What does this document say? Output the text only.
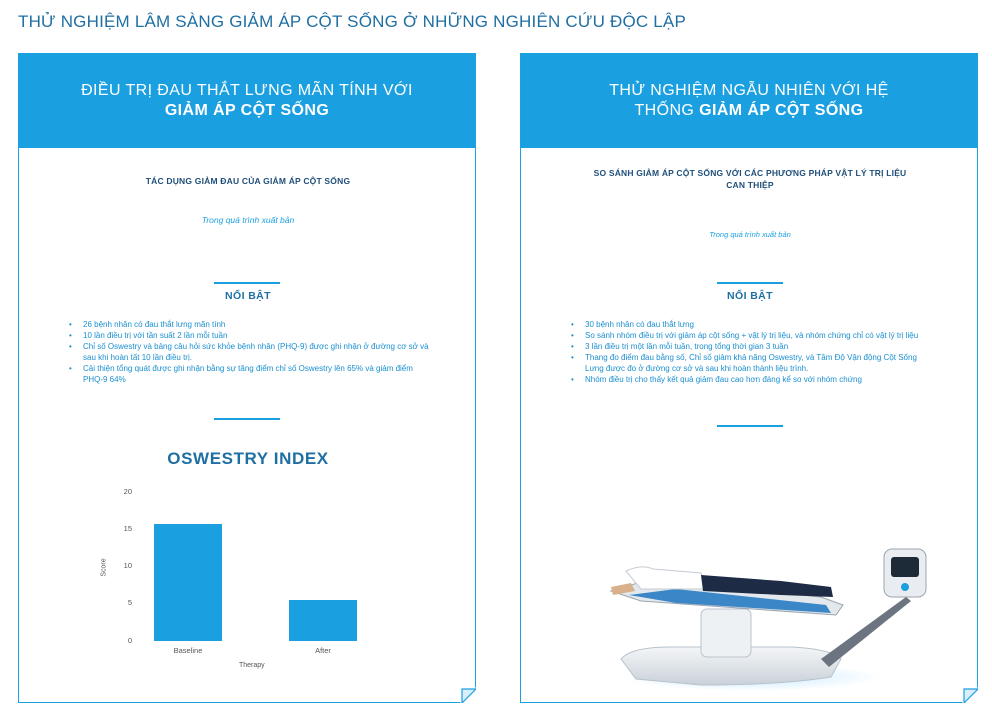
THỬ NGHIỆM LÂM SÀNG GIẢM ÁP CỘT SỐNG Ở NHỮNG NGHIÊN CỨU ĐỘC LẬP
ĐIỀU TRỊ ĐAU THẮT LƯNG MÃN TÍNH VỚI
GIẢM ÁP CỘT SỐNG
TÁC DỤNG GIẢM ĐAU CỦA GIẢM ÁP CỘT SỐNG
Trong quá trình xuất bản
NỔI BẬT
• 26 bệnh nhân có đau thắt lưng mãn tính
• 10 lần điều trị với tần suất 2 lần mỗi tuần
• Chỉ số Oswestry và bảng câu hỏi sức khỏe bệnh nhân (PHQ-9) được ghi nhận ở đường cơ sở và sau khi hoàn tất 10 lần điều trị.
• Cải thiện tổng quát được ghi nhận bằng sự tăng điểm chỉ số Oswestry lên 65% và giảm điểm PHQ-9 64%
OSWESTRY INDEX
20
15
10
5
0
Score
Baseline	After
Therapy
THỬ NGHIỆM NGẪU NHIÊN VỚI HỆ
THỐNG GIẢM ÁP CỘT SỐNG
SO SÁNH GIẢM ÁP CỘT SỐNG VỚI CÁC PHƯƠNG PHÁP VẬT LÝ TRỊ LIỆU CAN THIỆP
Trong quá trình xuất bản
NỔI BẬT
• 30 bệnh nhân có đau thắt lưng
• So sánh nhóm điều trị với giảm áp cột sống + vật lý trị liệu, và nhóm chứng chỉ có vật lý trị liệu
• 3 lần điều trị một lần mỗi tuần, trong tổng thời gian 3 tuần
• Thang đo điểm đau bằng số, Chỉ số giảm khả năng Oswestry, và Tầm Độ Vận động Cột Sống Lưng được đo ở đường cơ sở và sau khi hoàn thành liệu trình.
• Nhóm điều trị cho thấy kết quả giảm đau cao hơn đáng kể so với nhóm chứng
